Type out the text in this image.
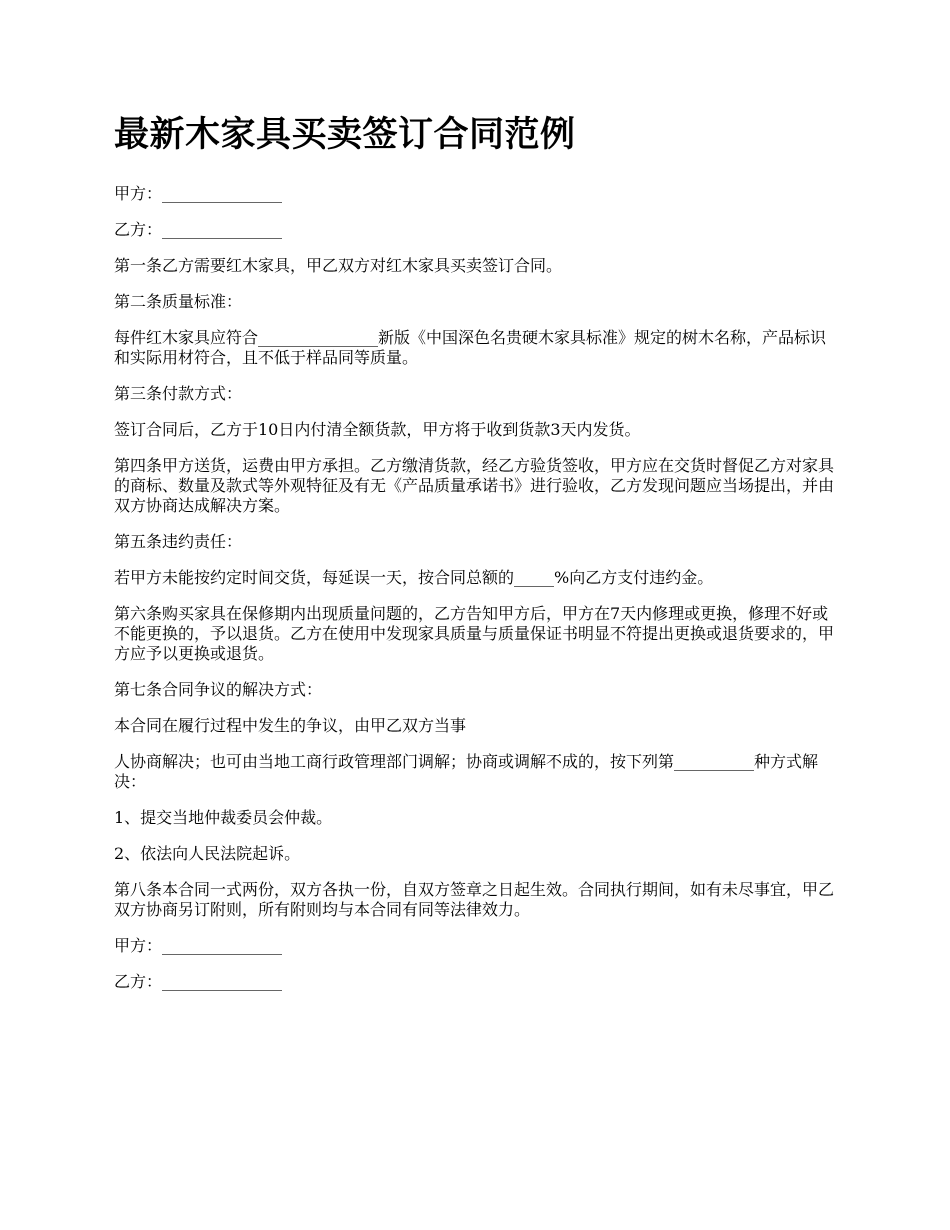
最新木家具买卖签订合同范例

甲方：_______________

乙方：_______________

第一条乙方需要红木家具，甲乙双方对红木家具买卖签订合同。

第二条质量标准：

每件红木家具应符合_______________新版《中国深色名贵硬木家具标准》规定的树木名称，产品标识和实际用材符合，且不低于样品同等质量。

第三条付款方式：

签订合同后，乙方于10日内付清全额货款，甲方将于收到货款3天内发货。

第四条甲方送货，运费由甲方承担。乙方缴清货款，经乙方验货签收，甲方应在交货时督促乙方对家具的商标、数量及款式等外观特征及有无《产品质量承诺书》进行验收，乙方发现问题应当场提出，并由双方协商达成解决方案。

第五条违约责任：

若甲方未能按约定时间交货，每延误一天，按合同总额的_____%向乙方支付违约金。

第六条购买家具在保修期内出现质量问题的，乙方告知甲方后，甲方在7天内修理或更换，修理不好或不能更换的，予以退货。乙方在使用中发现家具质量与质量保证书明显不符提出更换或退货要求的，甲方应予以更换或退货。

第七条合同争议的解决方式：

本合同在履行过程中发生的争议，由甲乙双方当事

人协商解决；也可由当地工商行政管理部门调解；协商或调解不成的，按下列第__________种方式解决：

1、提交当地仲裁委员会仲裁。

2、依法向人民法院起诉。

第八条本合同一式两份，双方各执一份，自双方签章之日起生效。合同执行期间，如有未尽事宜，甲乙双方协商另订附则，所有附则均与本合同有同等法律效力。

甲方：_______________

乙方：_______________
